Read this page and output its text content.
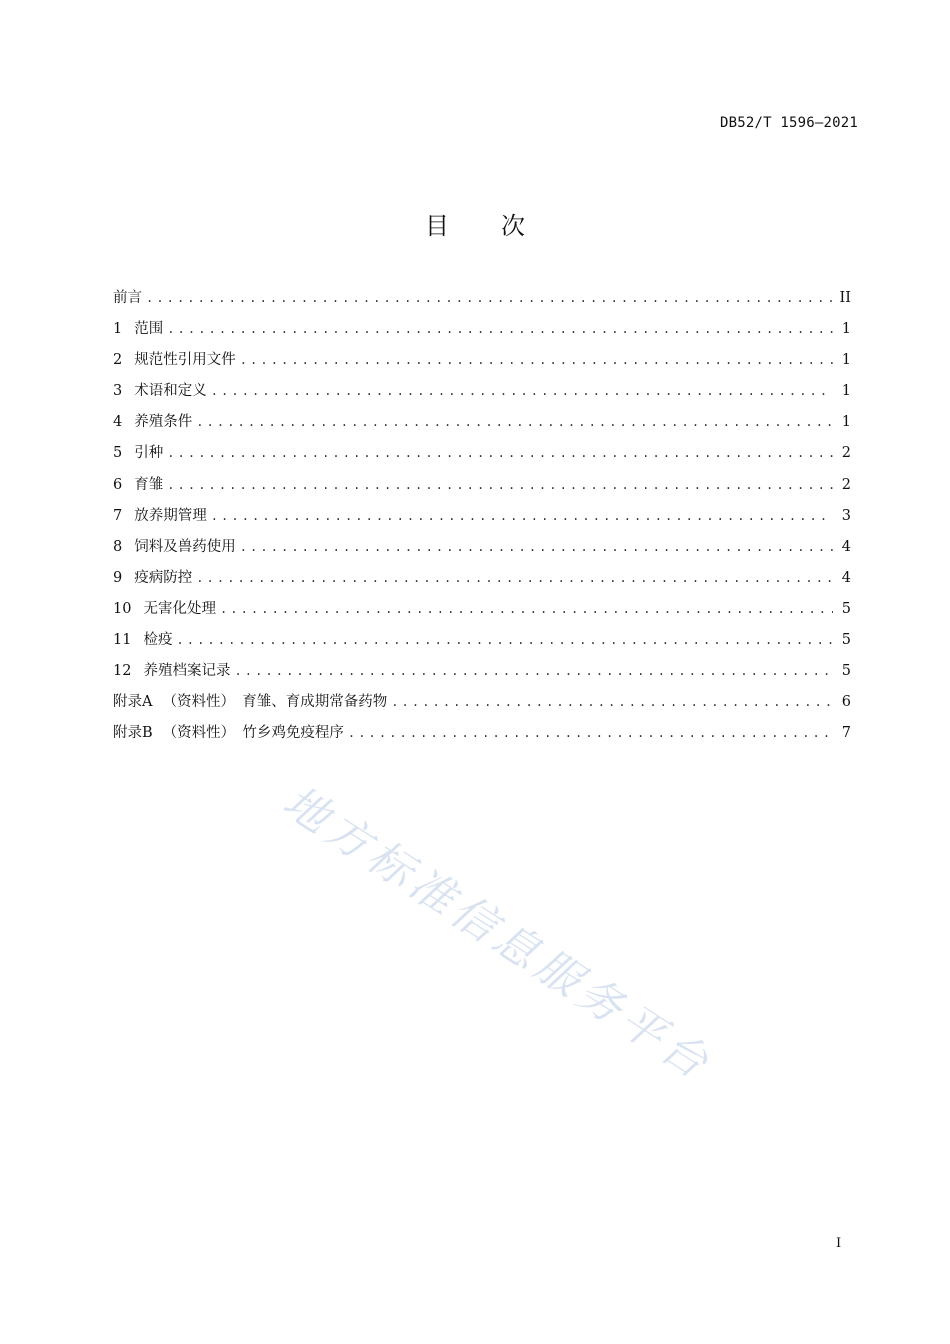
DB52/T 1596—2021
目次
前言 .....	II
1 范围 .....	1
2 规范性引用文件 .....	1
3 术语和定义 .....	1
4 养殖条件 .....	1
5 引种 .....	2
6 育雏 .....	2
7 放养期管理 .....	3
8 饲料及兽药使用 .....	4
9 疫病防控 .....	4
10 无害化处理 .....	5
11 检疫 .....	5
12 养殖档案记录 .....	5
附录A （资料性）　育雏、育成期常备药物 .....	6
附录B （资料性）　竹乡鸡免疫程序 .....	7
地方标准信息服务平台
I
